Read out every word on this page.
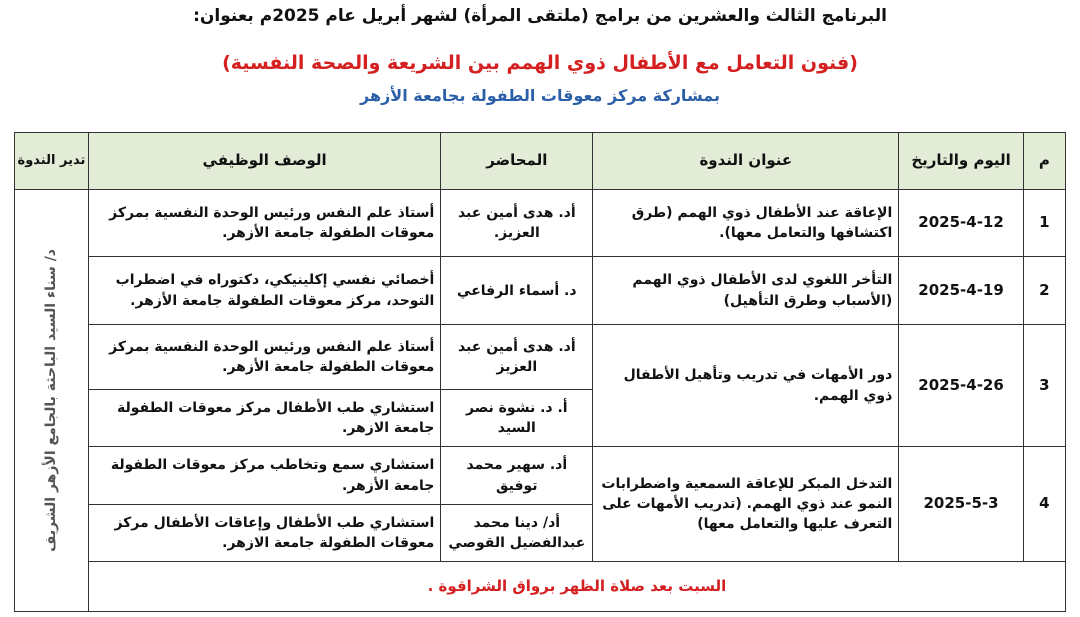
البرنامج الثالث والعشرين من برامج (ملتقى المرأة) لشهر أبريل عام 2025م بعنوان:
(فنون التعامل مع الأطفال ذوي الهمم بين الشريعة والصحة النفسية)
بمشاركة مركز معوقات الطفولة بجامعة الأزهر
م	اليوم والتاريخ	عنوان الندوة	المحاضر	الوصف الوظيفي	تدير الندوة
1	2025-4-12	الإعاقة عند الأطفال ذوي الهمم (طرق اكتشافها والتعامل معها).	أد. هدى أمين عبد العزيز.	أستاذ علم النفس ورئيس الوحدة النفسية بمركز معوقات الطفولة جامعة الأزهر.	د/ سناء السيد الباحثة بالجامع الأزهر الشريف

2	2025-4-19	التأخر اللغوي لدى الأطفال ذوي الهمم (الأسباب وطرق التأهيل)	د. أسماء الرفاعي	أخصائي نفسي إكلينيكي، دكتوراه في اضطراب التوحد، مركز معوقات الطفولة جامعة الأزهر.	
3	2025-4-26	دور الأمهات في تدريب وتأهيل الأطفال ذوي الهمم.	أد. هدى أمين عبد العزيز	أستاذ علم النفس ورئيس الوحدة النفسية بمركز معوقات الطفولة جامعة الأزهر.	
			أ. د. نشوة نصر السيد	استشاري طب الأطفال مركز معوقات الطفولة جامعة الازهر.	
4	2025-5-3	التدخل المبكر للإعاقة السمعية واضطرابات النمو عند ذوي الهمم. (تدريب الأمهات على التعرف عليها والتعامل معها)	أد. سهير محمد توفيق	استشاري سمع وتخاطب مركز معوقات الطفولة جامعة الأزهر.	
			أد/ دينا محمد عبدالفضيل القوصي	استشاري طب الأطفال وإعاقات الأطفال مركز معوقات الطفولة جامعة الازهر.	
السبت بعد صلاة الظهر برواق الشراقوة .					
